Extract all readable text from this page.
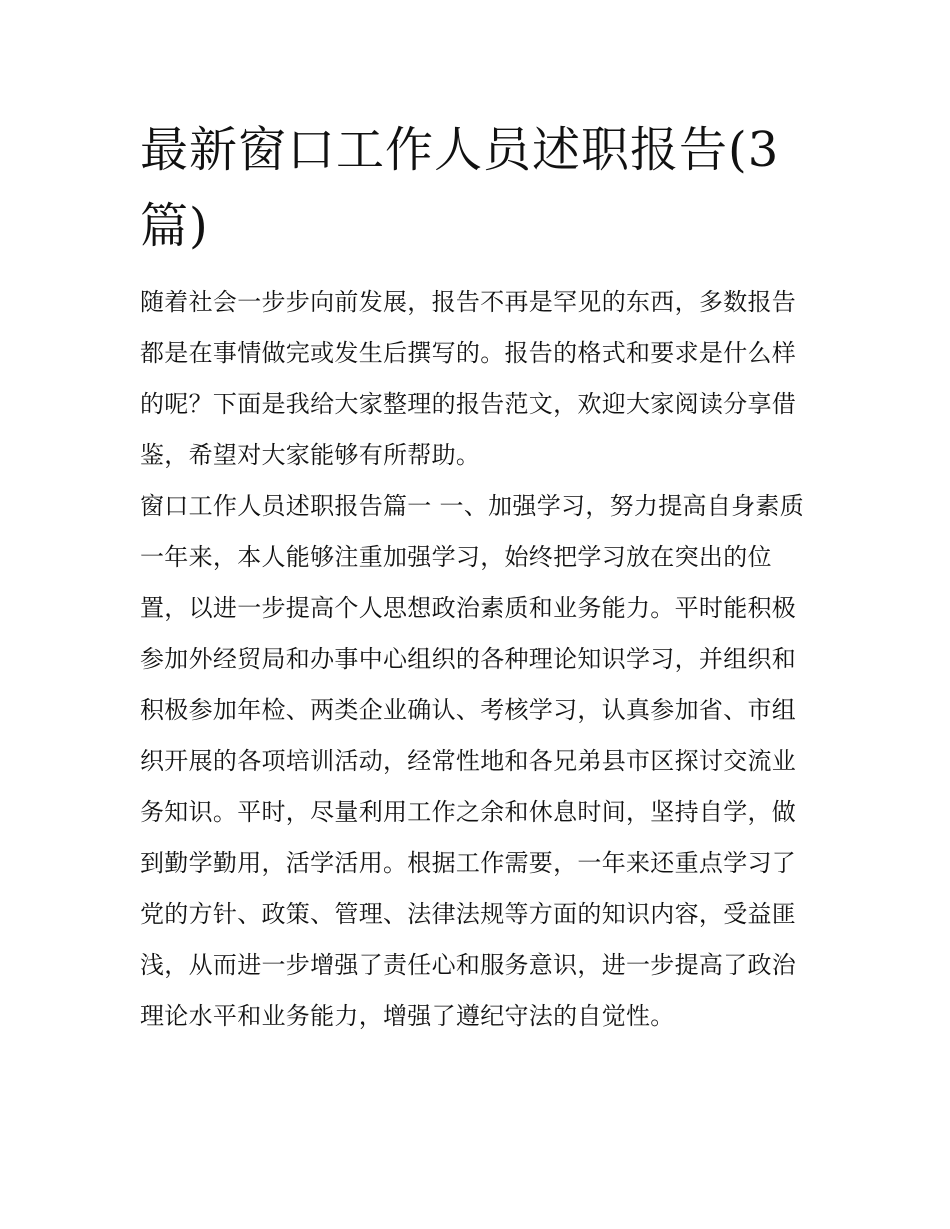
最新窗口工作人员述职报告(3篇)

随着社会一步步向前发展，报告不再是罕见的东西，多数报告都是在事情做完或发生后撰写的。报告的格式和要求是什么样的呢？下面是我给大家整理的报告范文，欢迎大家阅读分享借鉴，希望对大家能够有所帮助。

窗口工作人员述职报告篇一 一、加强学习，努力提高自身素质

一年来，本人能够注重加强学习，始终把学习放在突出的位置，以进一步提高个人思想政治素质和业务能力。平时能积极参加外经贸局和办事中心组织的各种理论知识学习，并组织和积极参加年检、两类企业确认、考核学习，认真参加省、市组织开展的各项培训活动，经常性地和各兄弟县市区探讨交流业务知识。平时，尽量利用工作之余和休息时间，坚持自学，做到勤学勤用，活学活用。根据工作需要，一年来还重点学习了党的方针、政策、管理、法律法规等方面的知识内容，受益匪浅，从而进一步增强了责任心和服务意识，进一步提高了政治理论水平和业务能力，增强了遵纪守法的自觉性。
